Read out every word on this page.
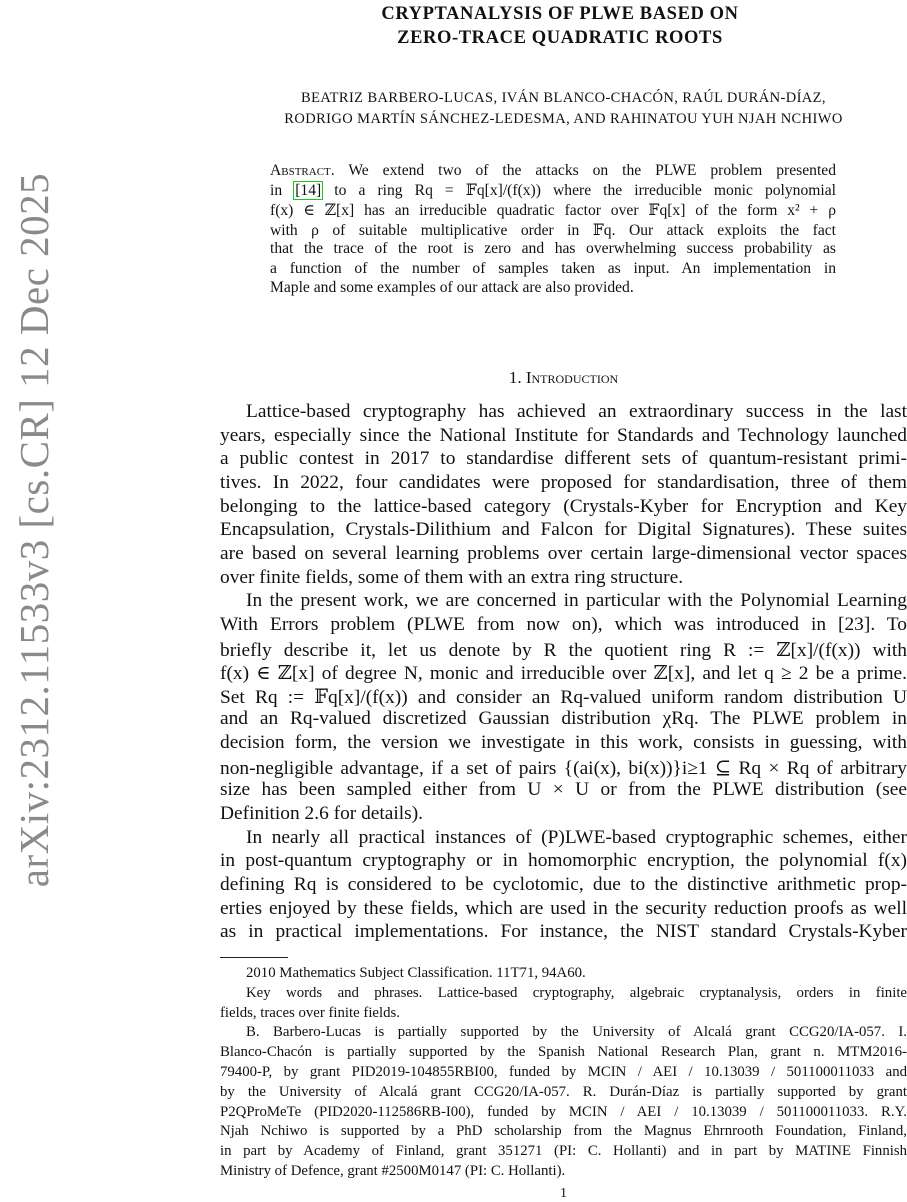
arXiv:2312.11533v3 [cs.CR] 12 Dec 2025
CRYPTANALYSIS OF PLWE BASED ON
ZERO-TRACE QUADRATIC ROOTS
BEATRIZ BARBERO-LUCAS, IVÁN BLANCO-CHACÓN, RAÚL DURÁN-DÍAZ,
RODRIGO MARTÍN SÁNCHEZ-LEDESMA, AND RAHINATOU YUH NJAH NCHIWO
Abstract. We extend two of the attacks on the PLWE problem presented
in [14] to a ring Rq = 𝔽q[x]/(f(x)) where the irreducible monic polynomial
f(x) ∈ ℤ[x] has an irreducible quadratic factor over 𝔽q[x] of the form x² + ρ
with ρ of suitable multiplicative order in 𝔽q. Our attack exploits the fact
that the trace of the root is zero and has overwhelming success probability as
a function of the number of samples taken as input. An implementation in
Maple and some examples of our attack are also provided.
1. Introduction
Lattice-based cryptography has achieved an extraordinary success in the last
years, especially since the National Institute for Standards and Technology launched
a public contest in 2017 to standardise different sets of quantum-resistant primi-
tives. In 2022, four candidates were proposed for standardisation, three of them
belonging to the lattice-based category (Crystals-Kyber for Encryption and Key
Encapsulation, Crystals-Dilithium and Falcon for Digital Signatures). These suites
are based on several learning problems over certain large-dimensional vector spaces
over finite fields, some of them with an extra ring structure.
In the present work, we are concerned in particular with the Polynomial Learning
With Errors problem (PLWE from now on), which was introduced in [23]. To
briefly describe it, let us denote by R the quotient ring R := ℤ[x]/(f(x)) with
f(x) ∈ ℤ[x] of degree N, monic and irreducible over ℤ[x], and let q ≥ 2 be a prime.
Set Rq := 𝔽q[x]/(f(x)) and consider an Rq-valued uniform random distribution U
and an Rq-valued discretized Gaussian distribution χRq. The PLWE problem in
decision form, the version we investigate in this work, consists in guessing, with
non-negligible advantage, if a set of pairs {(ai(x), bi(x))}i≥1 ⊆ Rq × Rq of arbitrary
size has been sampled either from U × U or from the PLWE distribution (see
Definition 2.6 for details).
In nearly all practical instances of (P)LWE-based cryptographic schemes, either
in post-quantum cryptography or in homomorphic encryption, the polynomial f(x)
defining Rq is considered to be cyclotomic, due to the distinctive arithmetic prop-
erties enjoyed by these fields, which are used in the security reduction proofs as well
as in practical implementations. For instance, the NIST standard Crystals-Kyber
2010 Mathematics Subject Classification. 11T71, 94A60.
Key words and phrases. Lattice-based cryptography, algebraic cryptanalysis, orders in finite
fields, traces over finite fields.
B. Barbero-Lucas is partially supported by the University of Alcalá grant CCG20/IA-057. I.
Blanco-Chacón is partially supported by the Spanish National Research Plan, grant n. MTM2016-
79400-P, by grant PID2019-104855RBI00, funded by MCIN / AEI / 10.13039 / 501100011033 and
by the University of Alcalá grant CCG20/IA-057. R. Durán-Díaz is partially supported by grant
P2QProMeTe (PID2020-112586RB-I00), funded by MCIN / AEI / 10.13039 / 501100011033. R.Y.
Njah Nchiwo is supported by a PhD scholarship from the Magnus Ehrnrooth Foundation, Finland,
in part by Academy of Finland, grant 351271 (PI: C. Hollanti) and in part by MATINE Finnish
Ministry of Defence, grant #2500M0147 (PI: C. Hollanti).
1
